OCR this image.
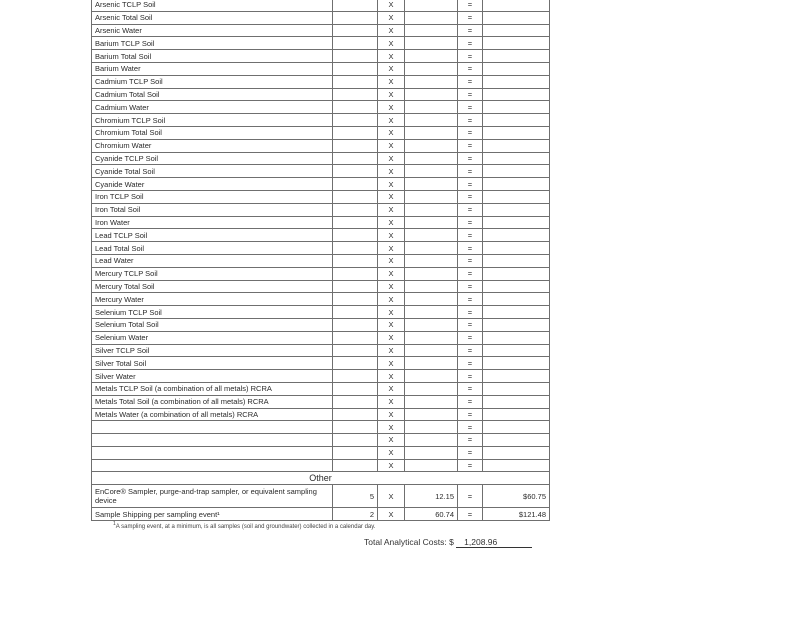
Arsenic TCLP Soil		X		=	
Arsenic Total Soil		X		=	
Arsenic Water		X		=	
Barium TCLP Soil		X		=	
Barium Total Soil		X		=	
Barium Water		X		=	
Cadmium TCLP Soil		X		=	
Cadmium Total Soil		X		=	
Cadmium Water		X		=	
Chromium TCLP Soil		X		=	
Chromium Total Soil		X		=	
Chromium Water		X		=	
Cyanide TCLP Soil		X		=	
Cyanide Total Soil		X		=	
Cyanide Water		X		=	
Iron TCLP Soil		X		=	
Iron Total Soil		X		=	
Iron Water		X		=	
Lead TCLP Soil		X		=	
Lead Total Soil		X		=	
Lead Water		X		=	
Mercury TCLP Soil		X		=	
Mercury Total Soil		X		=	
Mercury Water		X		=	
Selenium TCLP Soil		X		=	
Selenium Total Soil		X		=	
Selenium Water		X		=	
Silver TCLP Soil		X		=	
Silver Total Soil		X		=	
Silver Water		X		=	
Metals TCLP Soil (a combination of all metals) RCRA		X		=	
Metals Total Soil (a combination of all metals) RCRA		X		=	
Metals Water (a combination of all metals) RCRA		X		=	
		X		=	
		X		=	
		X		=	
		X		=	
Other					
EnCore® Sampler, purge-and-trap sampler, or equivalent sampling device	5	X	12.15	=	$60.75
Sample Shipping per sampling event¹	2	X	60.74	=	$121.48
$^1$A sampling event, at a minimum, is all samples (soil and groundwater) collected in a calendar day.
Total Analytical Costs: $ 1,208.96
